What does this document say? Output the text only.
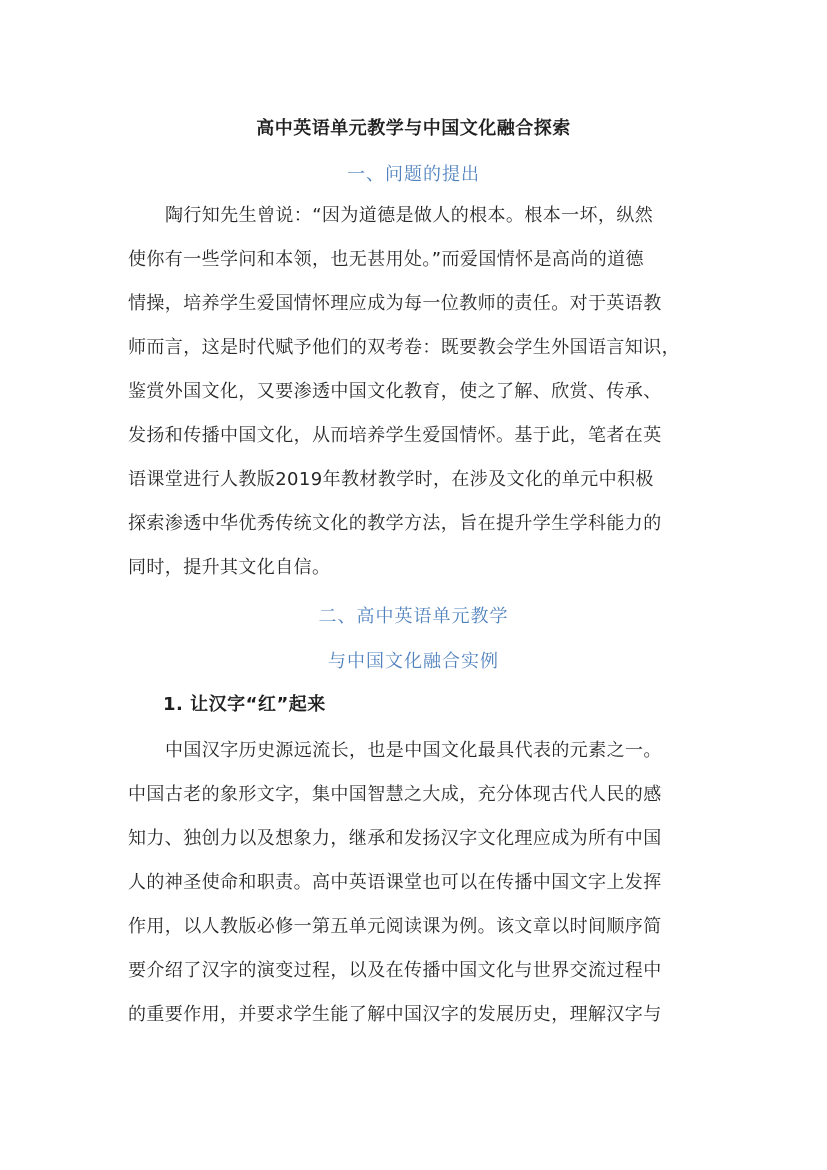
高中英语单元教学与中国文化融合探索
一、问题的提出
陶行知先生曾说：“因为道德是做人的根本。根本一坏，纵然
使你有一些学问和本领，也无甚用处。”而爱国情怀是高尚的道德
情操，培养学生爱国情怀理应成为每一位教师的责任。对于英语教
师而言，这是时代赋予他们的双考卷：既要教会学生外国语言知识，
鉴赏外国文化，又要渗透中国文化教育，使之了解、欣赏、传承、
发扬和传播中国文化，从而培养学生爱国情怀。基于此，笔者在英
语课堂进行人教版2019年教材教学时，在涉及文化的单元中积极
探索渗透中华优秀传统文化的教学方法，旨在提升学生学科能力的
同时，提升其文化自信。
二、高中英语单元教学
与中国文化融合实例
1. 让汉字“红”起来
中国汉字历史源远流长，也是中国文化最具代表的元素之一。
中国古老的象形文字，集中国智慧之大成，充分体现古代人民的感
知力、独创力以及想象力，继承和发扬汉字文化理应成为所有中国
人的神圣使命和职责。高中英语课堂也可以在传播中国文字上发挥
作用，以人教版必修一第五单元阅读课为例。该文章以时间顺序简
要介绍了汉字的演变过程，以及在传播中国文化与世界交流过程中
的重要作用，并要求学生能了解中国汉字的发展历史，理解汉字与
